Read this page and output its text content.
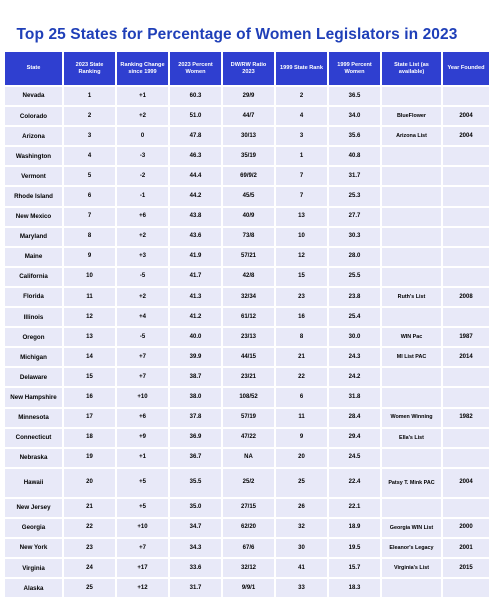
Top 25 States for Percentage of Women Legislators in 2023
State	2023 State Ranking	Ranking Change since 1999	2023 Percent Women	DW/RW Ratio 2023	1999 State Rank	1999 Percent Women	State List (as available)	Year Founded
Nevada	1	+1	60.3	29/9	2	36.5		
Colorado	2	+2	51.0	44/7	4	34.0	BlueFlower	2004
Arizona	3	0	47.8	30/13	3	35.6	Arizona List	2004
Washington	4	-3	46.3	35/19	1	40.8		
Vermont	5	-2	44.4	69/9/2	7	31.7		
Rhode Island	6	-1	44.2	45/5	7	25.3		
New Mexico	7	+6	43.8	40/9	13	27.7		
Maryland	8	+2	43.6	73/8	10	30.3		
Maine	9	+3	41.9	57/21	12	28.0		
California	10	-5	41.7	42/8	15	25.5		
Florida	11	+2	41.3	32/34	23	23.8	Ruth's List	2008
Illinois	12	+4	41.2	61/12	16	25.4		
Oregon	13	-5	40.0	23/13	8	30.0	WIN Pac	1987
Michigan	14	+7	39.9	44/15	21	24.3	MI List PAC	2014
Delaware	15	+7	38.7	23/21	22	24.2		
New Hampshire	16	+10	38.0	108/52	6	31.8		
Minnesota	17	+6	37.8	57/19	11	28.4	Women Winning	1982
Connecticut	18	+9	36.9	47/22	9	29.4	Ella's List	
Nebraska	19	+1	36.7	NA	20	24.5		
Hawaii	20	+5	35.5	25/2	25	22.4	Patsy T. Mink PAC	2004
New Jersey	21	+5	35.0	27/15	26	22.1		
Georgia	22	+10	34.7	62/20	32	18.9	Georgia WIN List	2000
New York	23	+7	34.3	67/6	30	19.5	Eleanor's Legacy	2001
Virginia	24	+17	33.6	32/12	41	15.7	Virginia's List	2015
Alaska	25	+12	31.7	9/9/1	33	18.3		
